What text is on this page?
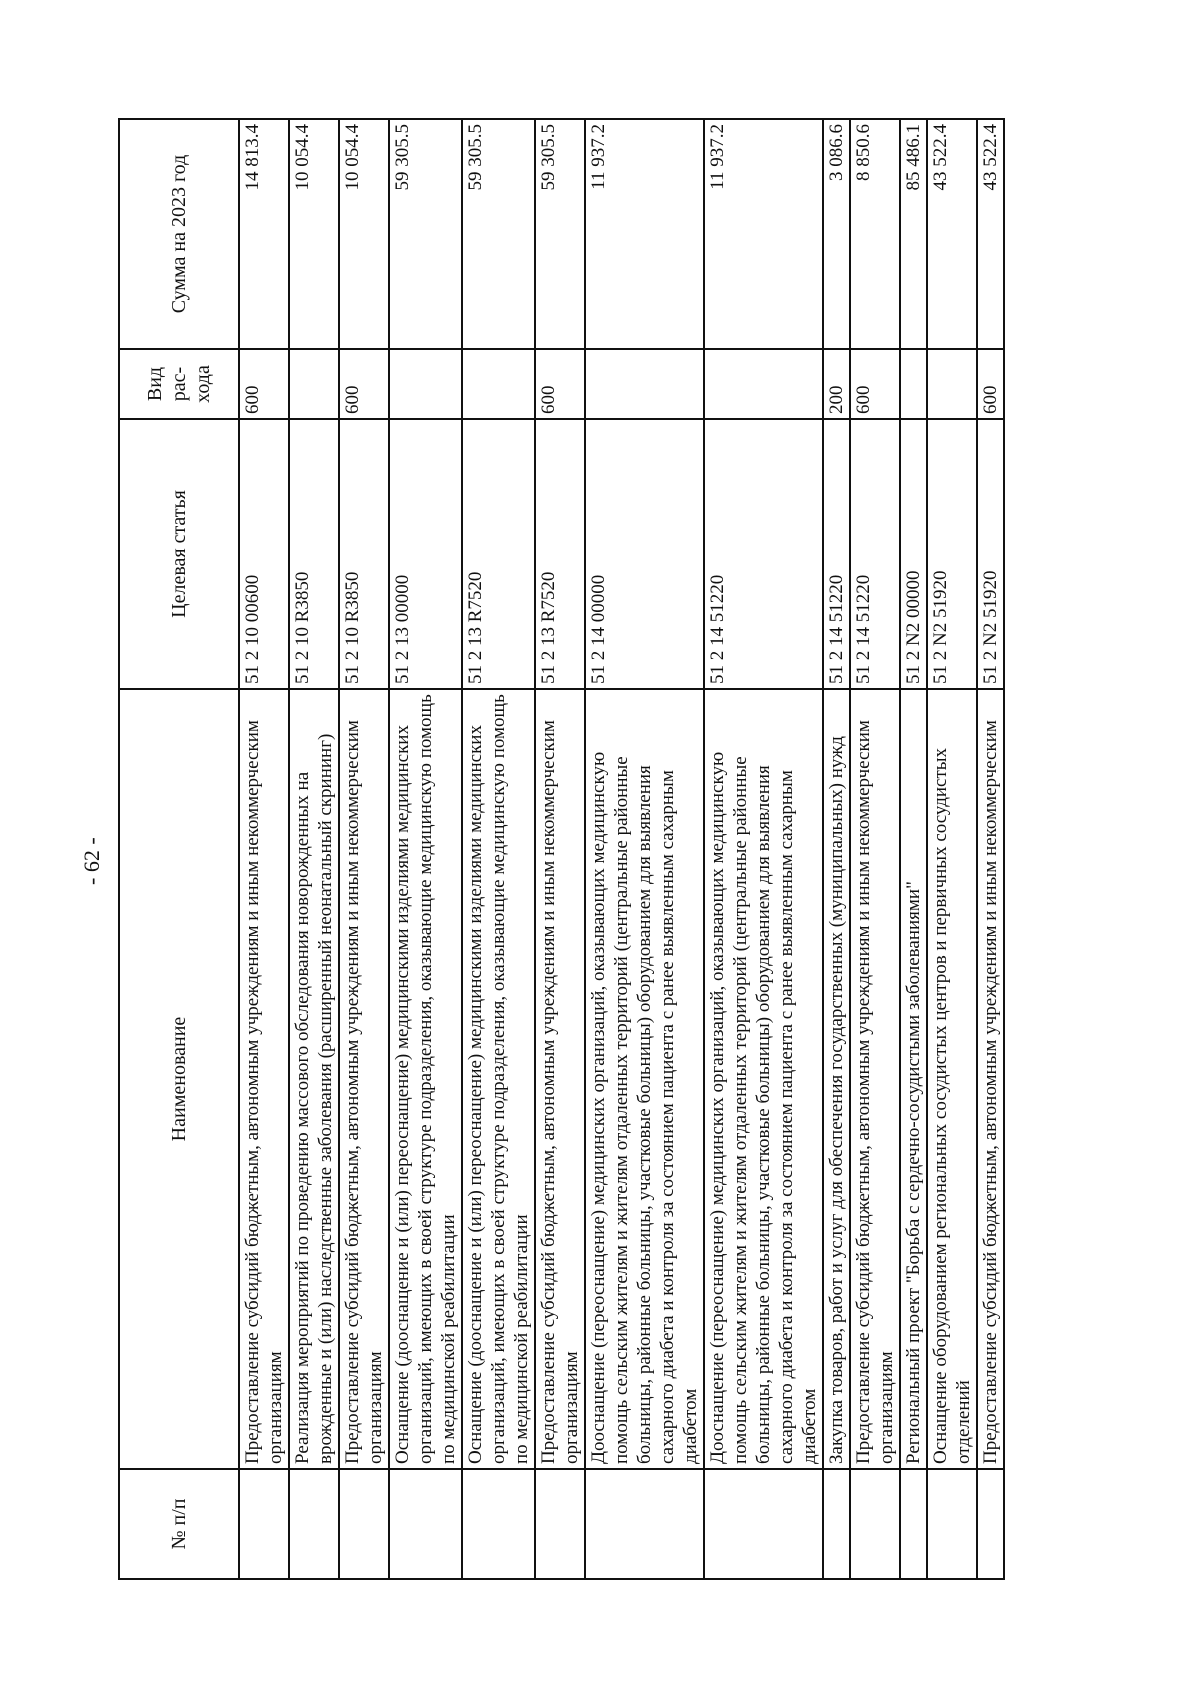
- 62 -
№ п/п	Наименование	Целевая статья	Вид рас- хода	Сумма на 2023 год
	Предоставление субсидий бюджетным, автономным учреждениям и иным некоммерческим организациям	51 2 10 00600	600	14 813.4
	Реализация мероприятий по проведению массового обследования новорожденных на врожденные и (или) наследственные заболевания (расширенный неонатальный скрининг)	51 2 10 R3850		10 054.4
	Предоставление субсидий бюджетным, автономным учреждениям и иным некоммерческим организациям	51 2 10 R3850	600	10 054.4
	Оснащение (дооснащение и (или) переоснащение) медицинскими изделиями медицинских организаций, имеющих в своей структуре подразделения, оказывающие медицинскую помощь по медицинской реабилитации	51 2 13 00000		59 305.5
	Оснащение (дооснащение и (или) переоснащение) медицинскими изделиями медицинских организаций, имеющих в своей структуре подразделения, оказывающие медицинскую помощь по медицинской реабилитации	51 2 13 R7520		59 305.5
	Предоставление субсидий бюджетным, автономным учреждениям и иным некоммерческим организациям	51 2 13 R7520	600	59 305.5
	Дооснащение (переоснащение) медицинских организаций, оказывающих медицинскую помощь сельским жителям и жителям отдаленных территорий (центральные районные больницы, районные больницы, участковые больницы) оборудованием для выявления сахарного диабета и контроля за состоянием пациента с ранее выявленным сахарным диабетом	51 2 14 00000		11 937.2
	Дооснащение (переоснащение) медицинских организаций, оказывающих медицинскую помощь сельским жителям и жителям отдаленных территорий (центральные районные больницы, районные больницы, участковые больницы) оборудованием для выявления сахарного диабета и контроля за состоянием пациента с ранее выявленным сахарным диабетом	51 2 14 51220		11 937.2
	Закупка товаров, работ и услуг для обеспечения государственных (муниципальных) нужд	51 2 14 51220	200	3 086.6
	Предоставление субсидий бюджетным, автономным учреждениям и иным некоммерческим организациям	51 2 14 51220	600	8 850.6
	Региональный проект "Борьба с сердечно-сосудистыми заболеваниями"	51 2 N2 00000		85 486.1
	Оснащение оборудованием региональных сосудистых центров и первичных сосудистых отделений	51 2 N2 51920		43 522.4
	Предоставление субсидий бюджетным, автономным учреждениям и иным некоммерческим	51 2 N2 51920	600	43 522.4
